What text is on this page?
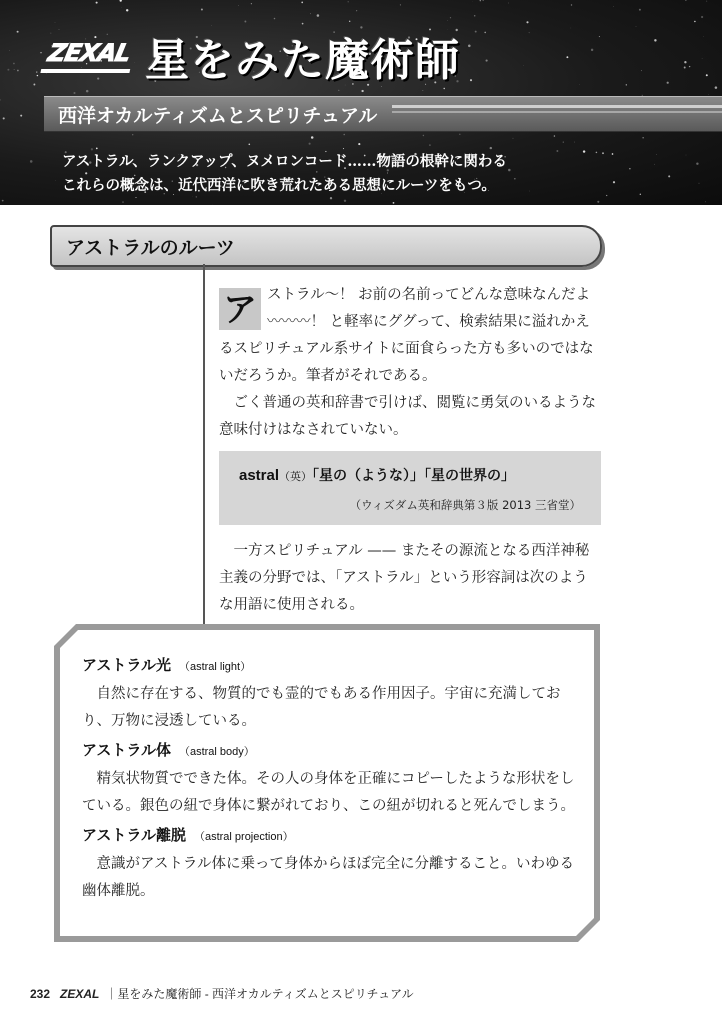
ZEXAL 星をみた魔術師
西洋オカルティズムとスピリチュアル
アストラル、ランクアップ、ヌメロンコード……物語の根幹に関わる
これらの概念は、近代西洋に吹き荒れたある思想にルーツをもつ。
アストラルのルーツ

ア ストラル〜！ お前の名前ってどんな意味なんだよ〰〰〰！ と軽率にググって、検索結果に溢れかえるスピリチュアル系サイトに面食らった方も多いのではないだろうか。筆者がそれである。

ごく普通の英和辞書で引けば、閲覧に勇気のいるような意味付けはなされていない。

astral（英）「星の（ような）」「星の世界の」
（ウィズダム英和辞典第３版 2013 三省堂）

一方スピリチュアル —— またその源流となる西洋神秘主義の分野では、「アストラル」という形容詞は次のような用語に使用される。

アストラル光 （astral light）

自然に存在する、物質的でも霊的でもある作用因子。宇宙に充満しており、万物に浸透している。

アストラル体 （astral body）

精気状物質でできた体。その人の身体を正確にコピーしたような形状をしている。銀色の紐で身体に繋がれており、この紐が切れると死んでしまう。

アストラル離脱 （astral projection）

意識がアストラル体に乗って身体からほぼ完全に分離すること。いわゆる幽体離脱。

232 ZEXAL ｜星をみた魔術師 - 西洋オカルティズムとスピリチュアル
